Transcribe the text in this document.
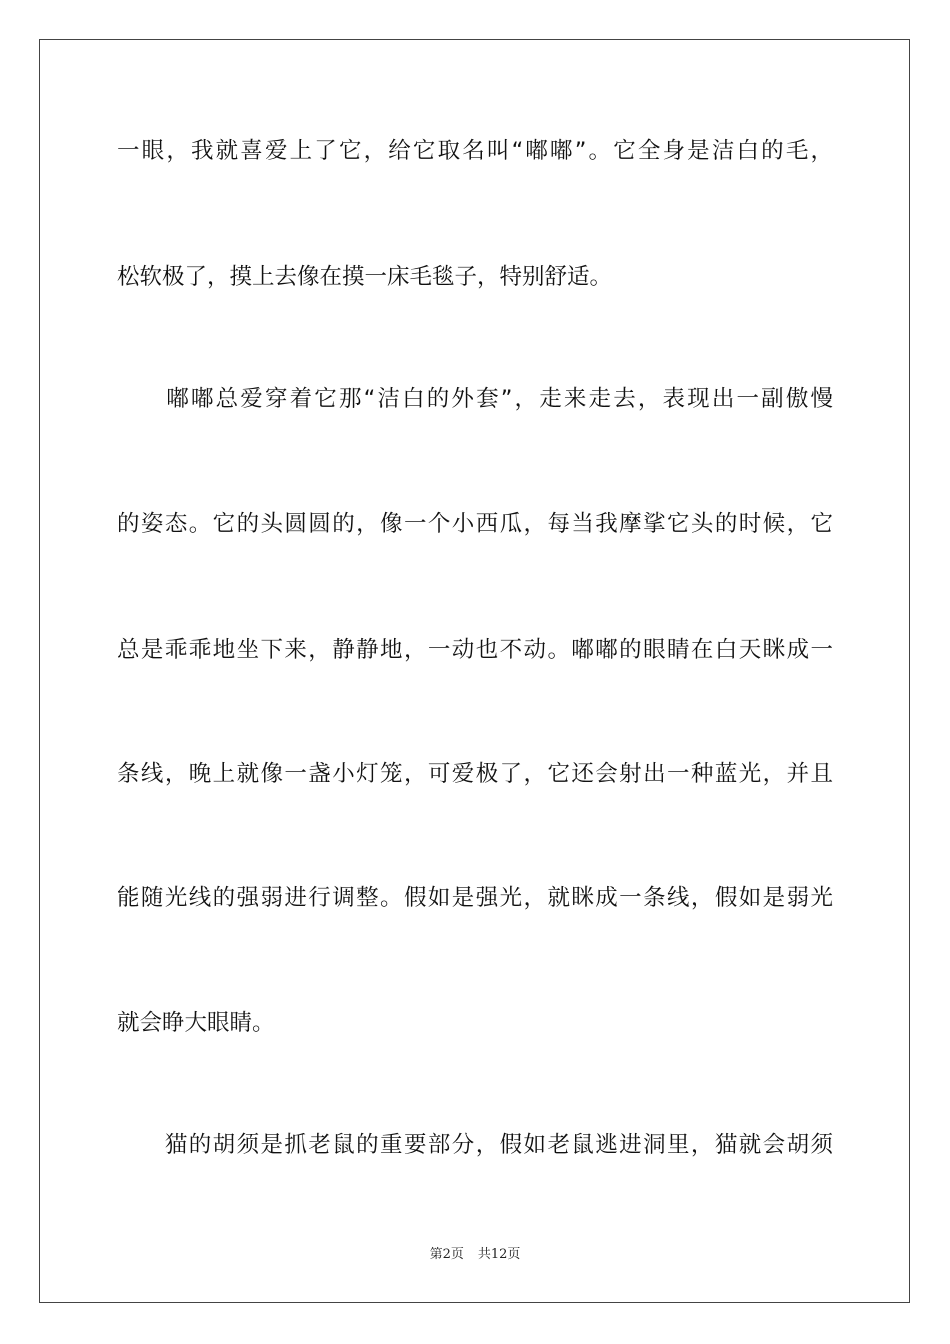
一眼，我就喜爱上了它，给它取名叫“嘟嘟”。它全身是洁白的毛，

松软极了，摸上去像在摸一床毛毯子，特别舒适。

　　嘟嘟总爱穿着它那“洁白的外套”，走来走去，表现出一副傲慢

的姿态。它的头圆圆的，像一个小西瓜，每当我摩挲它头的时候，它

总是乖乖地坐下来，静静地，一动也不动。嘟嘟的眼睛在白天眯成一

条线，晚上就像一盏小灯笼，可爱极了，它还会射出一种蓝光，并且

能随光线的强弱进行调整。假如是强光，就眯成一条线，假如是弱光

就会睁大眼睛。

　　猫的胡须是抓老鼠的重要部分，假如老鼠逃进洞里，猫就会胡须

第2页 共12页
